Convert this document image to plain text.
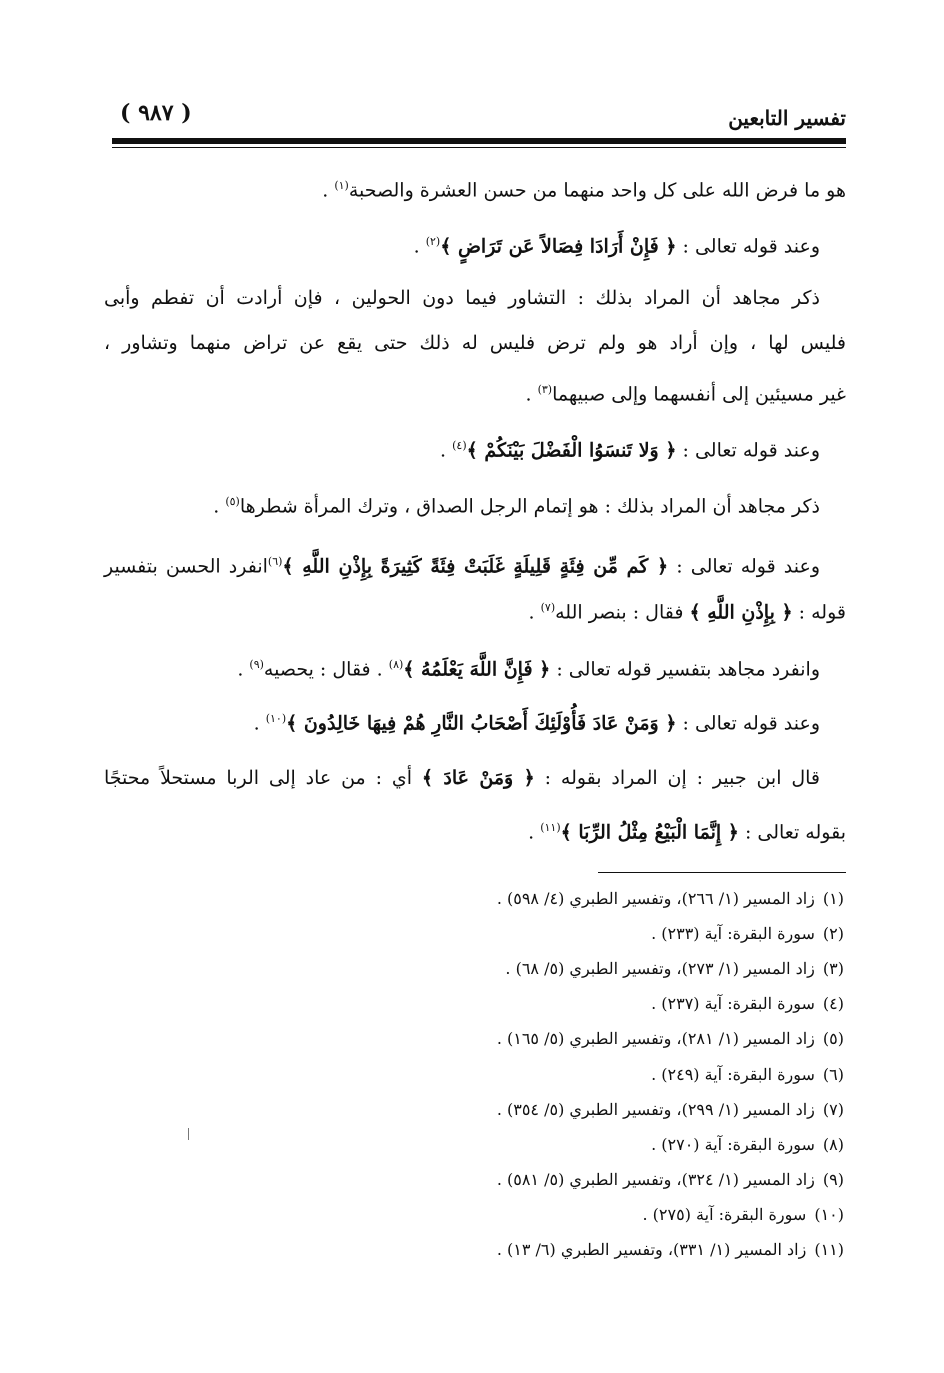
تفسير التابعين
( ٩٨٧ )
هو ما فرض الله على كل واحد منهما من حسن العشرة والصحبة$^{(١)}$ .
وعند قوله تعالى : ﴿ فَإِنْ أَرَادَا فِصَالاً عَن تَرَاضٍ ﴾$^{(٢)}$ .
ذكر مجاهد أن المراد بذلك : التشاور فيما دون الحولين ، فإن أرادت أن تفطم وأبى
فليس لها ، وإن أراد هو ولم ترض فليس له ذلك حتى يقع عن تراض منهما وتشاور ،
غير مسيئين إلى أنفسهما وإلى صبيهما$^{(٣)}$ .
وعند قوله تعالى : ﴿ وَلا تَنسَوُا الْفَضْلَ بَيْنَكُمْ ﴾$^{(٤)}$ .
ذكر مجاهد أن المراد بذلك : هو إتمام الرجل الصداق ، وترك المرأة شطرها$^{(٥)}$ .
وعند قوله تعالى : ﴿ كَم مِّن فِئَةٍ قَلِيلَةٍ غَلَبَتْ فِئَةً كَثِيرَةً بِإِذْنِ اللَّهِ ﴾$^{(٦)}$انفرد الحسن بتفسير
قوله : ﴿ بِإِذْنِ اللَّهِ ﴾ فقال : بنصر الله$^{(٧)}$ .
وانفرد مجاهد بتفسير قوله تعالى : ﴿ فَإِنَّ اللَّهَ يَعْلَمُهُ ﴾$^{(٨)}$ . فقال : يحصيه$^{(٩)}$ .
وعند قوله تعالى : ﴿ وَمَنْ عَادَ فَأُوْلَئِكَ أَصْحَابُ النَّارِ هُمْ فِيهَا خَالِدُونَ ﴾$^{(١٠)}$ .
قال ابن جبير : إن المراد بقوله : ﴿ وَمَنْ عَادَ ﴾ أي : من عاد إلى الربا مستحلاً محتجًا
بقوله تعالى : ﴿ إِنَّمَا الْبَيْعُ مِثْلُ الرِّبَا ﴾$^{(١١)}$ .
(١)زاد المسير (١/ ٢٦٦)، وتفسير الطبري (٤/ ٥٩٨) .
(٢)سورة البقرة: آية (٢٣٣) .
(٣)زاد المسير (١/ ٢٧٣)، وتفسير الطبري (٥/ ٦٨) .
(٤)سورة البقرة: آية (٢٣٧) .
(٥)زاد المسير (١/ ٢٨١)، وتفسير الطبري (٥/ ١٦٥) .
(٦)سورة البقرة: آية (٢٤٩) .
(٧)زاد المسير (١/ ٢٩٩)، وتفسير الطبري (٥/ ٣٥٤) .
(٨)سورة البقرة: آية (٢٧٠) .
(٩)زاد المسير (١/ ٣٢٤)، وتفسير الطبري (٥/ ٥٨١) .
(١٠)سورة البقرة: آية (٢٧٥) .
(١١)زاد المسير (١/ ٣٣١)، وتفسير الطبري (٦/ ١٣) .
